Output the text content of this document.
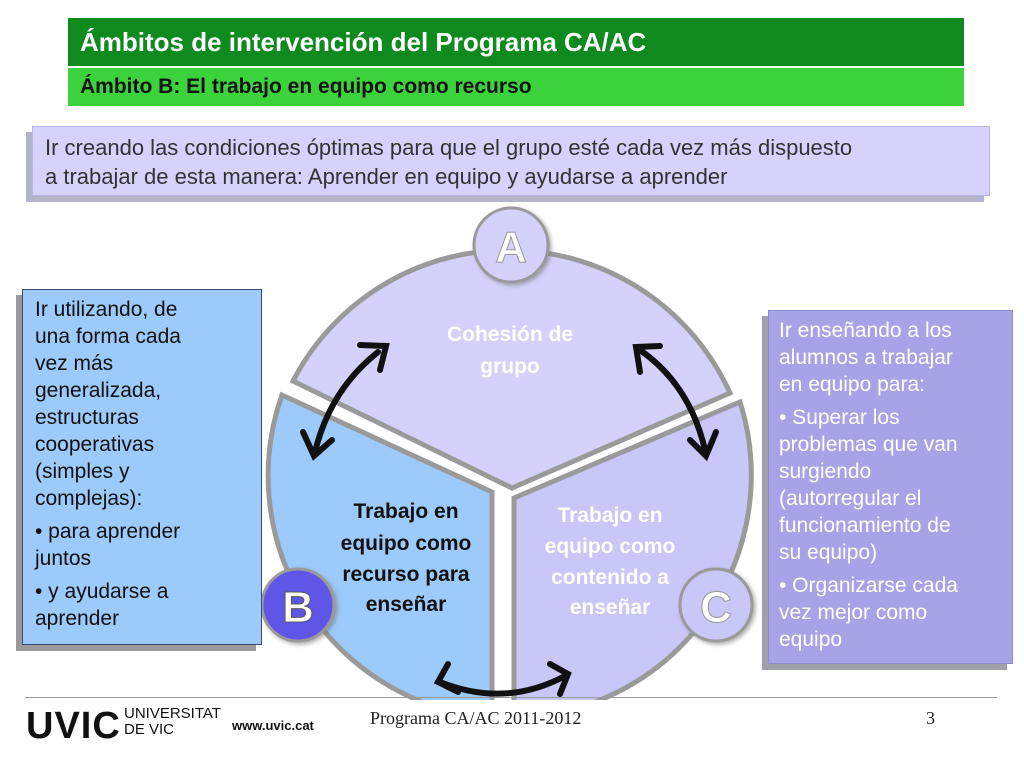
Ámbitos de intervención del Programa CA/AC
Ámbito B: El trabajo en equipo como recurso
Ir creando las condiciones óptimas para que el grupo esté cada vez más dispuesto
a trabajar de esta manera: Aprender en equipo y ayudarse a aprender
Cohesión de
grupo
Trabajo en
equipo como
recurso para
enseñar
Trabajo en
equipo como
contenido a
enseñar
A
B	C
Ir utilizando, de
una forma cada
vez más
generalizada,
estructuras
cooperativas
(simples y
complejas):
• para aprender
juntos
• y ayudarse a
aprender
Ir enseñando a los
alumnos a trabajar
en equipo para:
• Superar los
problemas que van
surgiendo
(autorregular el
funcionamiento de
su equipo)
• Organizarse cada
vez mejor como
equipo
UVIC UNIVERSITAT
DE VIC	www.uvic.cat	Programa CA/AC 2011-2012	3
